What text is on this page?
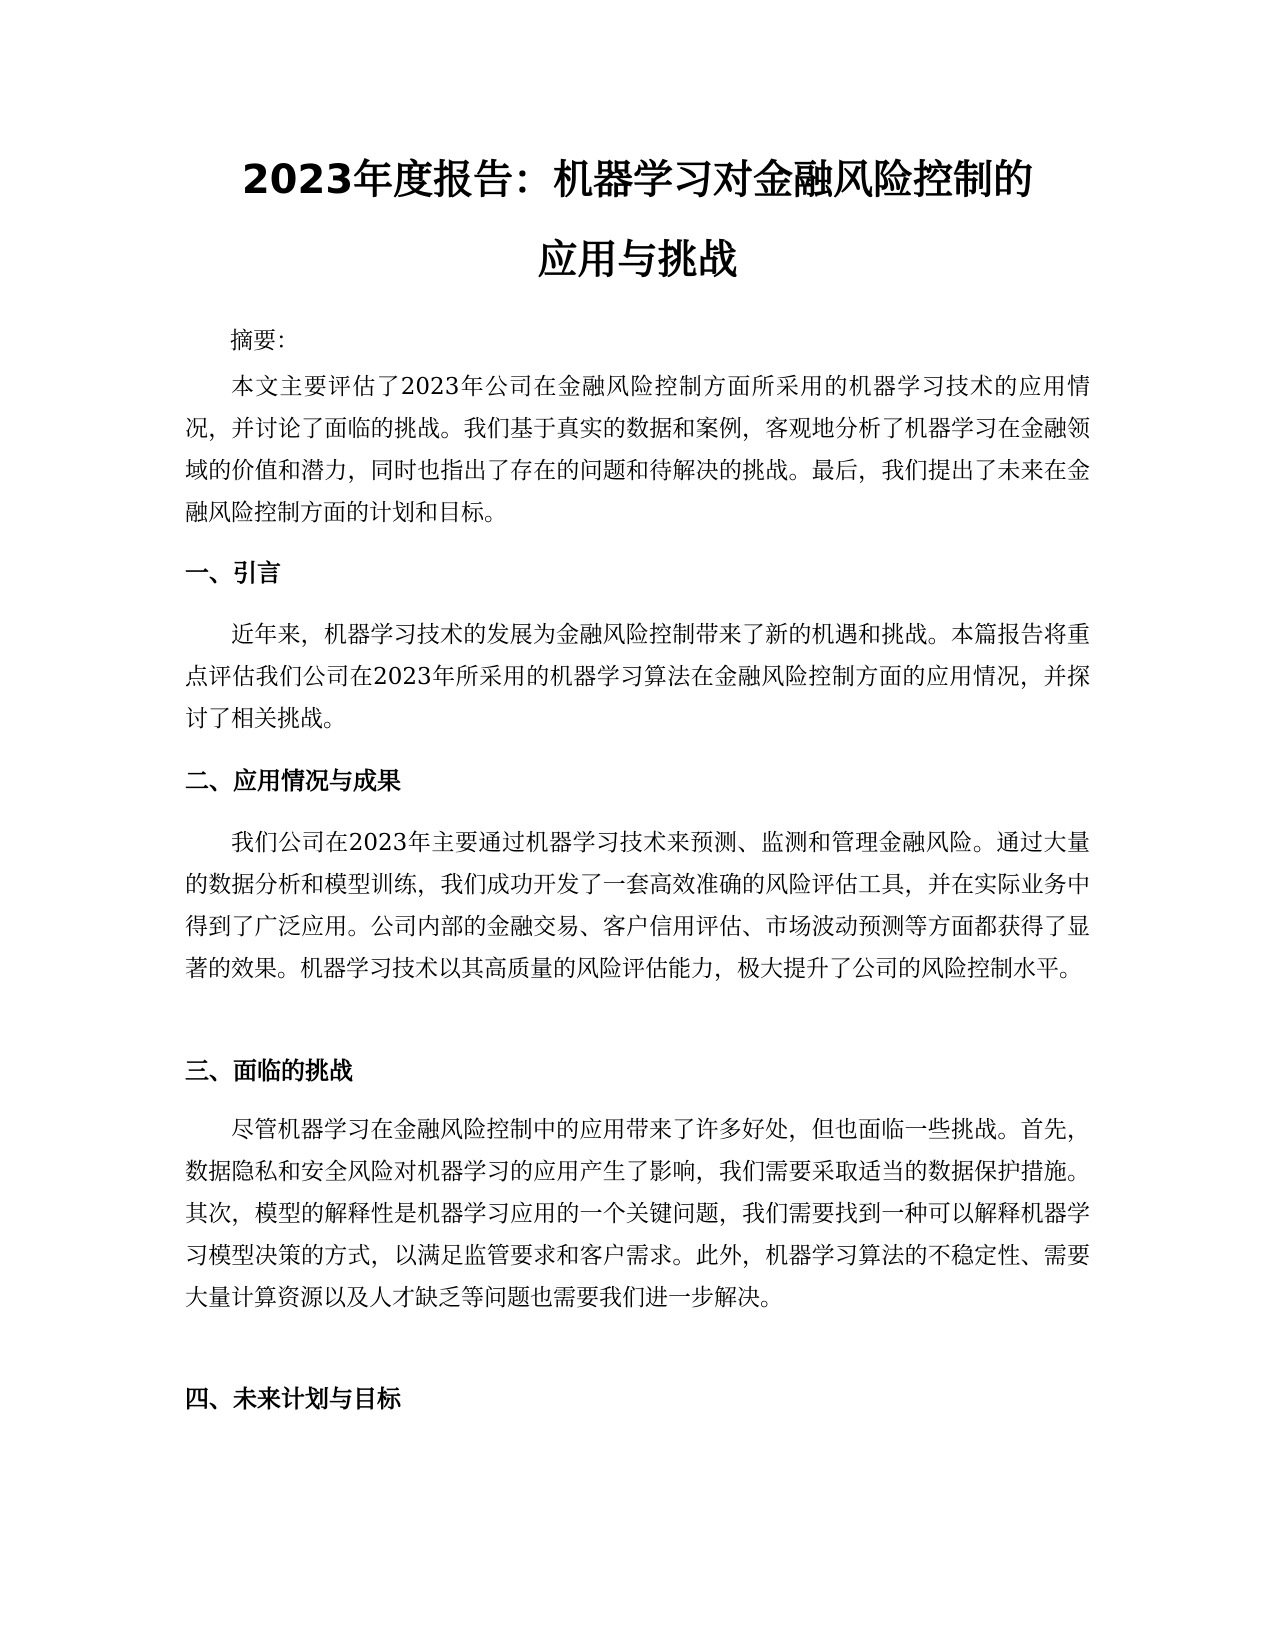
2023年度报告：机器学习对金融风险控制的
应用与挑战

摘要：

本文主要评估了2023年公司在金融风险控制方面所采用的机器学习技术的应用情况，并讨论了面临的挑战。我们基于真实的数据和案例，客观地分析了机器学习在金融领域的价值和潜力，同时也指出了存在的问题和待解决的挑战。最后，我们提出了未来在金融风险控制方面的计划和目标。

一、引言

近年来，机器学习技术的发展为金融风险控制带来了新的机遇和挑战。本篇报告将重点评估我们公司在2023年所采用的机器学习算法在金融风险控制方面的应用情况，并探讨了相关挑战。

二、应用情况与成果

我们公司在2023年主要通过机器学习技术来预测、监测和管理金融风险。通过大量的数据分析和模型训练，我们成功开发了一套高效准确的风险评估工具，并在实际业务中得到了广泛应用。公司内部的金融交易、客户信用评估、市场波动预测等方面都获得了显著的效果。机器学习技术以其高质量的风险评估能力，极大提升了公司的风险控制水平。

三、面临的挑战

尽管机器学习在金融风险控制中的应用带来了许多好处，但也面临一些挑战。首先，数据隐私和安全风险对机器学习的应用产生了影响，我们需要采取适当的数据保护措施。其次，模型的解释性是机器学习应用的一个关键问题，我们需要找到一种可以解释机器学习模型决策的方式，以满足监管要求和客户需求。此外，机器学习算法的不稳定性、需要大量计算资源以及人才缺乏等问题也需要我们进一步解决。

四、未来计划与目标
